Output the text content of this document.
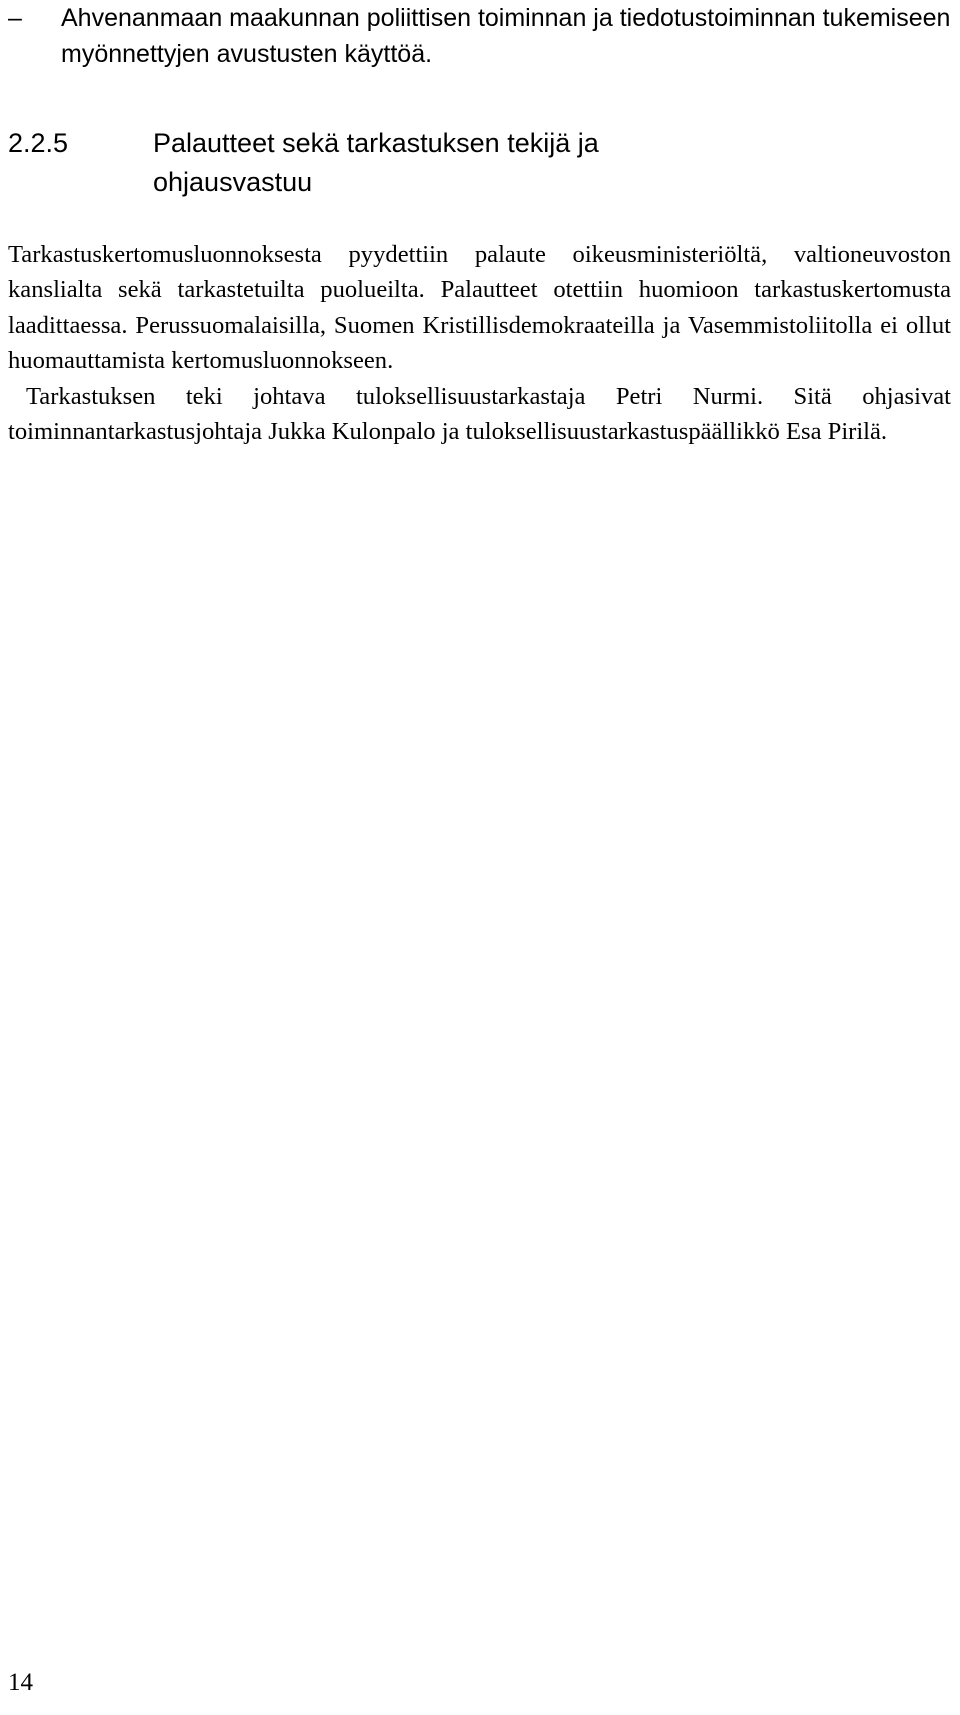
–	Ahvenanmaan maakunnan poliittisen toiminnan ja tiedotustoiminnan tukemiseen myönnettyjen avustusten käyttöä.
2.2.5	Palautteet sekä tarkastuksen tekijä ja ohjausvastuu

Tarkastuskertomusluonnoksesta pyydettiin palaute oikeusministeriöltä, valtioneuvoston kanslialta sekä tarkastetuilta puolueilta. Palautteet otettiin huomioon tarkastuskertomusta laadittaessa. Perussuomalaisilla, Suomen Kristillisdemokraateilla ja Vasemmistoliitolla ei ollut huomauttamista kertomusluonnokseen.

Tarkastuksen teki johtava tuloksellisuustarkastaja Petri Nurmi. Sitä ohjasivat toiminnantarkastusjohtaja Jukka Kulonpalo ja tuloksellisuustarkastuspäällikkö Esa Pirilä.

14
